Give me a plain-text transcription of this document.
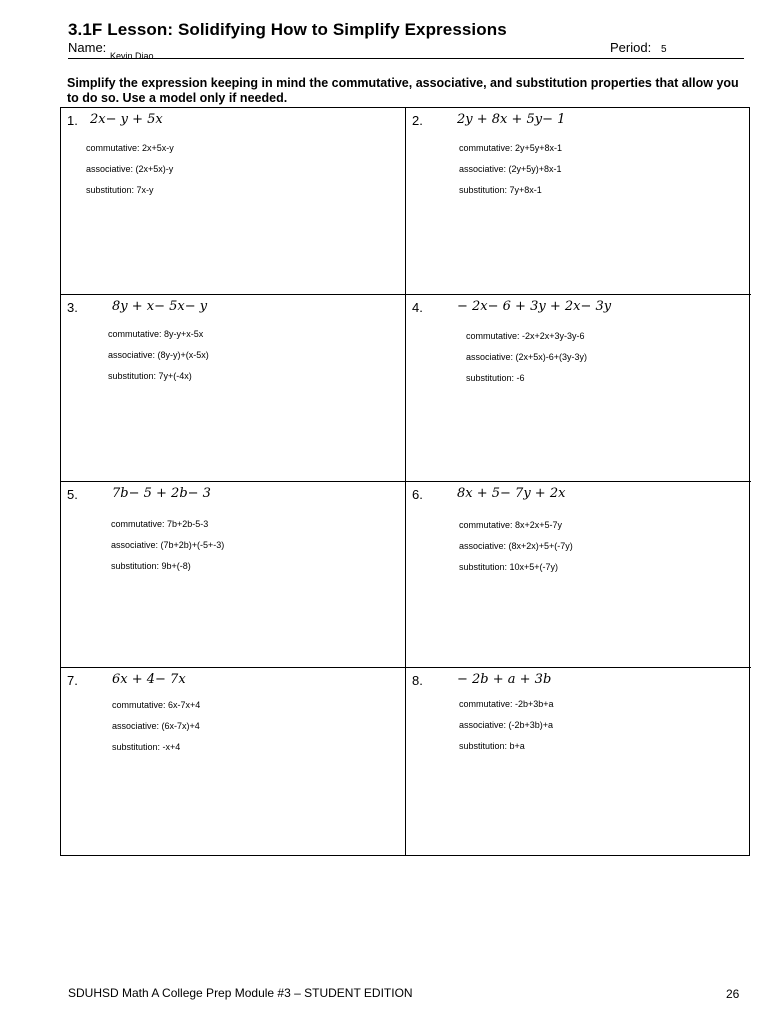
3.1F Lesson: Solidifying How to Simplify Expressions
Name:
Kevin Diao
Period: 5
Simplify the expression keeping in mind the commutative, associative, and substitution properties that allow you to do so. Use a model only if needed.
1. 2x− y + 5x
commutative: 2x+5x-y
associative: (2x+5x)-y
substitution: 7x-y
2.	2y + 8x + 5y− 1
commutative: 2y+5y+8x-1
associative: (2y+5y)+8x-1
substitution: 7y+8x-1
3.	8y + x− 5x− y
commutative: 8y-y+x-5x
associative: (8y-y)+(x-5x)
substitution: 7y+(-4x)
4.	− 2x− 6 + 3y + 2x− 3y
commutative: -2x+2x+3y-3y-6
associative: (2x+5x)-6+(3y-3y)
substitution: -6
5.	7b− 5 + 2b− 3
commutative: 7b+2b-5-3
associative: (7b+2b)+(-5+-3)
substitution: 9b+(-8)
6.	8x + 5− 7y + 2x
commutative: 8x+2x+5-7y
associative: (8x+2x)+5+(-7y)
substitution: 10x+5+(-7y)
7.	6x + 4− 7x
commutative: 6x-7x+4
associative: (6x-7x)+4
substitution: -x+4
8.	− 2b + a + 3b
commutative: -2b+3b+a
associative: (-2b+3b)+a
substitution: b+a
SDUHSD Math A College Prep Module #3 – STUDENT EDITION	26
